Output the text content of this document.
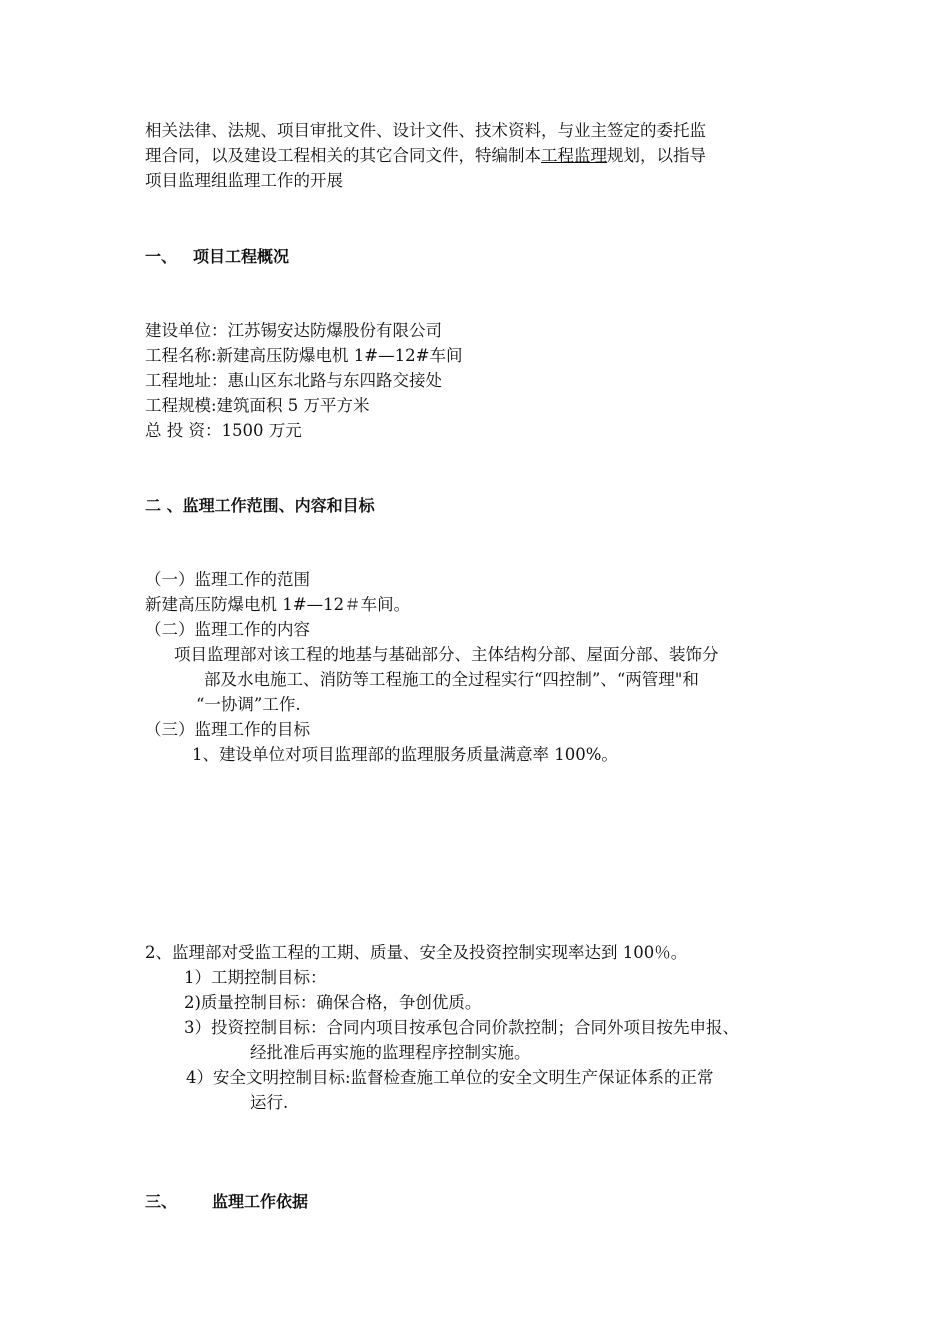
相关法律、法规、项目审批文件、设计文件、技术资料，与业主签定的委托监
理合同，以及建设工程相关的其它合同文件，特编制本工程监理规划，以指导
项目监理组监理工作的开展
一、 项目工程概况
建设单位：江苏锡安达防爆股份有限公司
工程名称:新建高压防爆电机 1#—12#车间
工程地址：惠山区东北路与东四路交接处
工程规模:建筑面积 5 万平方米
总 投 资：1500 万元
二 、监理工作范围、内容和目标
（一）监理工作的范围
新建高压防爆电机 1#—12＃车间。
（二）监理工作的内容
项目监理部对该工程的地基与基础部分、主体结构分部、屋面分部、装饰分
部及水电施工、消防等工程施工的全过程实行“四控制”、“两管理"和
“一协调”工作.
（三）监理工作的目标
1、建设单位对项目监理部的监理服务质量满意率 100%。
2、监理部对受监工程的工期、质量、安全及投资控制实现率达到 100％。
1）工期控制目标：
2)质量控制目标：确保合格，争创优质。
3）投资控制目标：合同内项目按承包合同价款控制；合同外项目按先申报、
经批准后再实施的监理程序控制实施。
4）安全文明控制目标:监督检查施工单位的安全文明生产保证体系的正常
运行.
三、 监理工作依据
